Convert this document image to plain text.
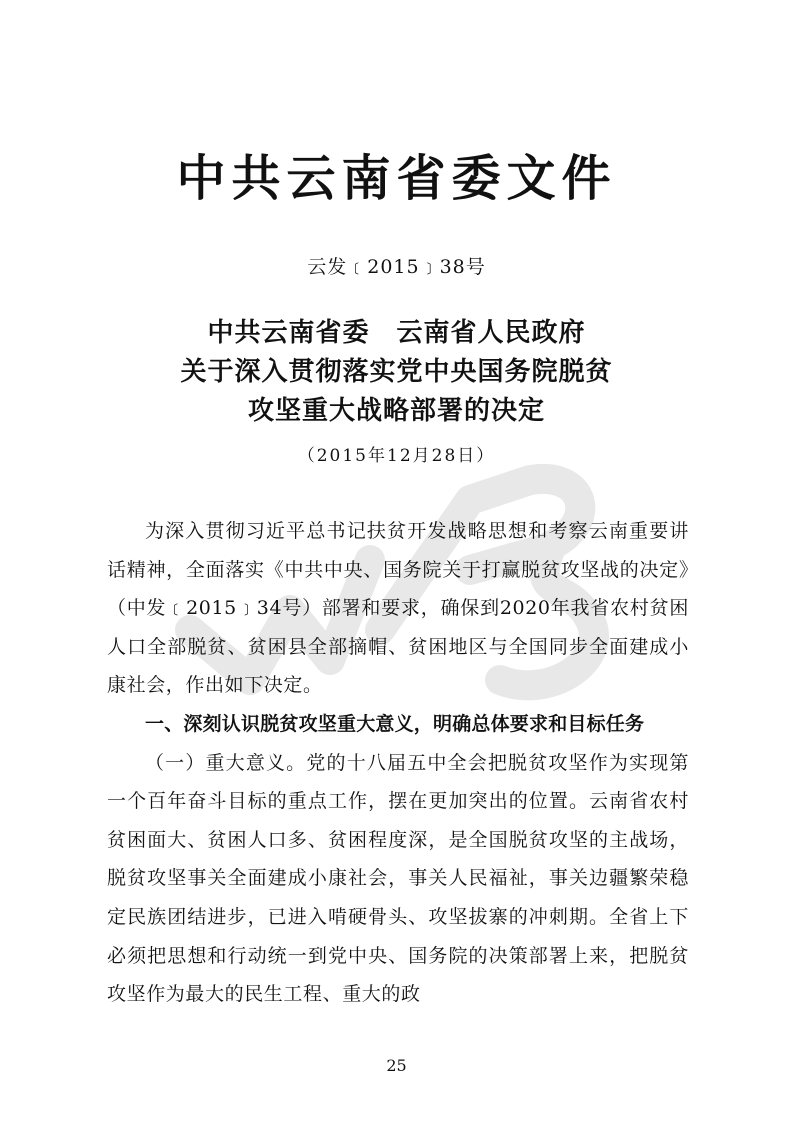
中共云南省委文件
云发﹝2015﹞38号
中共云南省委　云南省人民政府
关于深入贯彻落实党中央国务院脱贫
攻坚重大战略部署的决定
（2015年12月28日）

为深入贯彻习近平总书记扶贫开发战略思想和考察云南重要讲话精神，全面落实《中共中央、国务院关于打赢脱贫攻坚战的决定》（中发﹝2015﹞34号）部署和要求，确保到2020年我省农村贫困人口全部脱贫、贫困县全部摘帽、贫困地区与全国同步全面建成小康社会，作出如下决定。

一、深刻认识脱贫攻坚重大意义，明确总体要求和目标任务

（一）重大意义。党的十八届五中全会把脱贫攻坚作为实现第一个百年奋斗目标的重点工作，摆在更加突出的位置。云南省农村贫困面大、贫困人口多、贫困程度深，是全国脱贫攻坚的主战场，脱贫攻坚事关全面建成小康社会，事关人民福祉，事关边疆繁荣稳定民族团结进步，已进入啃硬骨头、攻坚拔寨的冲刺期。全省上下必须把思想和行动统一到党中央、国务院的决策部署上来，把脱贫攻坚作为最大的民生工程、重大的政

25
